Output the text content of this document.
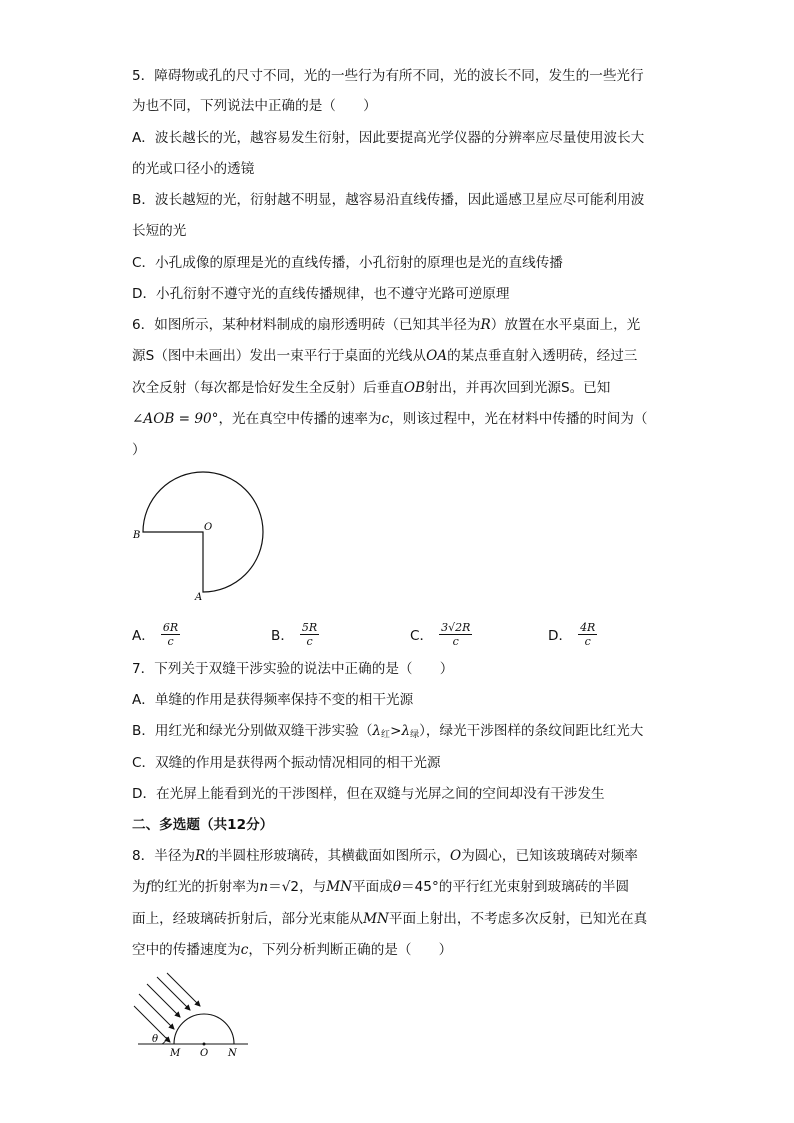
5．障碍物或孔的尺寸不同，光的一些行为有所不同，光的波长不同，发生的一些光行
为也不同，下列说法中正确的是（　　）
A．波长越长的光，越容易发生衍射，因此要提高光学仪器的分辨率应尽量使用波长大
的光或口径小的透镜
B．波长越短的光，衍射越不明显，越容易沿直线传播，因此遥感卫星应尽可能利用波
长短的光
C．小孔成像的原理是光的直线传播，小孔衍射的原理也是光的直线传播
D．小孔衍射不遵守光的直线传播规律，也不遵守光路可逆原理
6．如图所示，某种材料制成的扇形透明砖（已知其半径为R）放置在水平桌面上，光
源S（图中未画出）发出一束平行于桌面的光线从OA的某点垂直射入透明砖，经过三
次全反射（每次都是恰好发生全反射）后垂直OB射出，并再次回到光源S。已知
∠AOB = 90°，光在真空中传播的速率为c，则该过程中，光在材料中传播的时间为（
）
B
O
A
A． $\frac{6R}{c}$	B． $\frac{5R}{c}$	C． $\frac{3√2R}{c}$	D． $\frac{4R}{c}$
7．下列关于双缝干涉实验的说法中正确的是（　　）
A．单缝的作用是获得频率保持不变的相干光源
B．用红光和绿光分别做双缝干涉实验$(\lambda_红>\lambda_绿)$，绿光干涉图样的条纹间距比红光大
C．双缝的作用是获得两个振动情况相同的相干光源
D．在光屏上能看到光的干涉图样，但在双缝与光屏之间的空间却没有干涉发生
二、多选题（共12分）
8．半径为R的半圆柱形玻璃砖，其横截面如图所示，O为圆心，已知该玻璃砖对频率
为f的红光的折射率为n＝√2，与MN平面成θ＝45°的平行红光束射到玻璃砖的半圆
面上，经玻璃砖折射后，部分光束能从MN平面上射出，不考虑多次反射，已知光在真
空中的传播速度为c，下列分析判断正确的是（　　）
θ
M O N
